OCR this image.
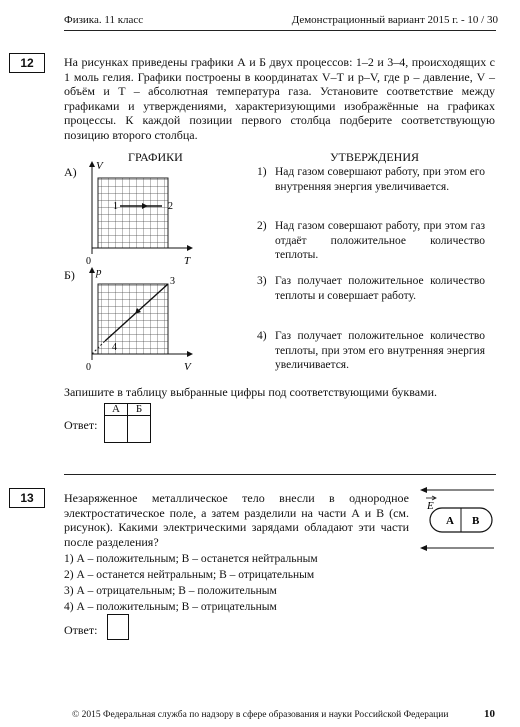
Физика. 11 класс	Демонстрационный вариант 2015 г. - 10 / 30
12	На рисунках приведены графики А и Б двух процессов: 1–2 и 3–4, происходящих с 1 моль гелия. Графики построены в координатах V–T и p–V, где p – давление, V – объём и T – абсолютная температура газа. Установите соответствие между графиками и утверждениями, характеризующими изображённые на графиках процессы. К каждой позиции первого столбца подберите соответствующую позицию второго столбца.
ГРАФИКИ	УТВЕРЖДЕНИЯ
А) V
T
0
1	2
Б) p
V
0
3
4
1) Над газом совершают работу, при этом его внутренняя энергия увеличивается.
2) Над газом совершают работу, при этом газ отдаёт положительное количество теплоты.
3) Газ получает положительное количество теплоты и совершает работу.
4) Газ получает положительное количество теплоты, при этом его внутренняя энергия увеличивается.
Запишите в таблицу выбранные цифры под соответствующими буквами.
Ответ:
А	Б

13	Незаряженное металлическое тело внесли в однородное электростатическое поле, а затем разделили на части А и В (см. рисунок). Какими электрическими зарядами обладают эти части после разделения?
E
А В
1) А – положительным; В – останется нейтральным
2) А – останется нейтральным; В – отрицательным
3) А – отрицательным; В – положительным
4) А – положительным; В – отрицательным
Ответ:
© 2015 Федеральная служба по надзору в сфере образования и науки Российской Федерации	10
